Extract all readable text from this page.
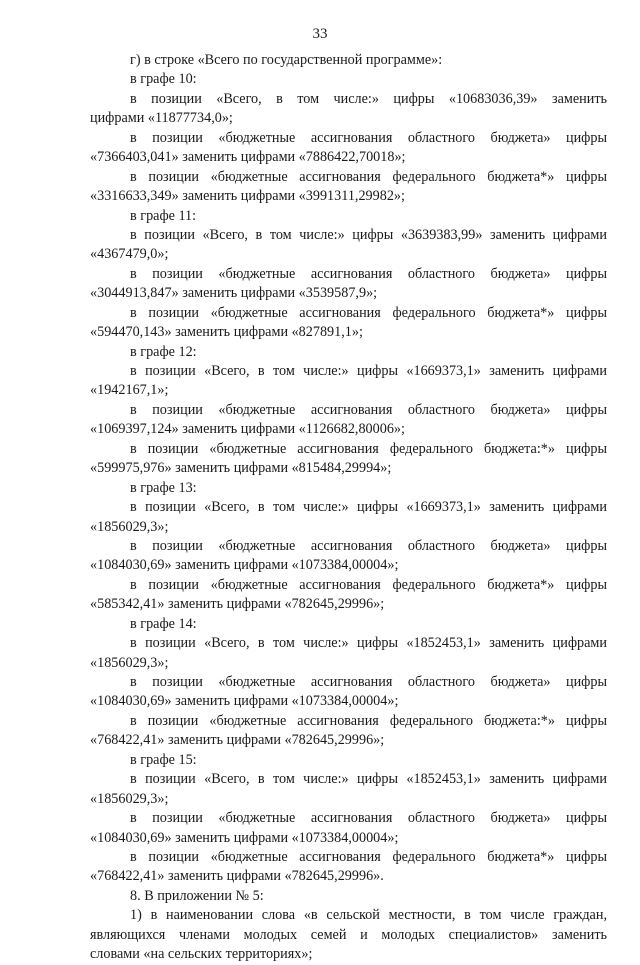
33
г) в строке «Всего по государственной программе»:
в графе 10:
в позиции «Всего, в том числе:» цифры «10683036,39» заменить
цифрами «11877734,0»;
в позиции «бюджетные ассигнования областного бюджета» цифры
«7366403,041» заменить цифрами «7886422,70018»;
в позиции «бюджетные ассигнования федерального бюджета*» цифры
«3316633,349» заменить цифрами «3991311,29982»;
в графе 11:
в позиции «Всего, в том числе:» цифры «3639383,99» заменить цифрами
«4367479,0»;
в позиции «бюджетные ассигнования областного бюджета» цифры
«3044913,847» заменить цифрами «3539587,9»;
в позиции «бюджетные ассигнования федерального бюджета*» цифры
«594470,143» заменить цифрами «827891,1»;
в графе 12:
в позиции «Всего, в том числе:» цифры «1669373,1» заменить цифрами
«1942167,1»;
в позиции «бюджетные ассигнования областного бюджета» цифры
«1069397,124» заменить цифрами «1126682,80006»;
в позиции «бюджетные ассигнования федерального бюджета:*» цифры
«599975,976» заменить цифрами «815484,29994»;
в графе 13:
в позиции «Всего, в том числе:» цифры «1669373,1» заменить цифрами
«1856029,3»;
в позиции «бюджетные ассигнования областного бюджета» цифры
«1084030,69» заменить цифрами «1073384,00004»;
в позиции «бюджетные ассигнования федерального бюджета*» цифры
«585342,41» заменить цифрами «782645,29996»;
в графе 14:
в позиции «Всего, в том числе:» цифры «1852453,1» заменить цифрами
«1856029,3»;
в позиции «бюджетные ассигнования областного бюджета» цифры
«1084030,69» заменить цифрами «1073384,00004»;
в позиции «бюджетные ассигнования федерального бюджета:*» цифры
«768422,41» заменить цифрами «782645,29996»;
в графе 15:
в позиции «Всего, в том числе:» цифры «1852453,1» заменить цифрами
«1856029,3»;
в позиции «бюджетные ассигнования областного бюджета» цифры
«1084030,69» заменить цифрами «1073384,00004»;
в позиции «бюджетные ассигнования федерального бюджета*» цифры
«768422,41» заменить цифрами «782645,29996».
8. В приложении № 5:
1) в наименовании слова «в сельской местности, в том числе граждан,
являющихся членами молодых семей и молодых специалистов» заменить
словами «на сельских территориях»;
